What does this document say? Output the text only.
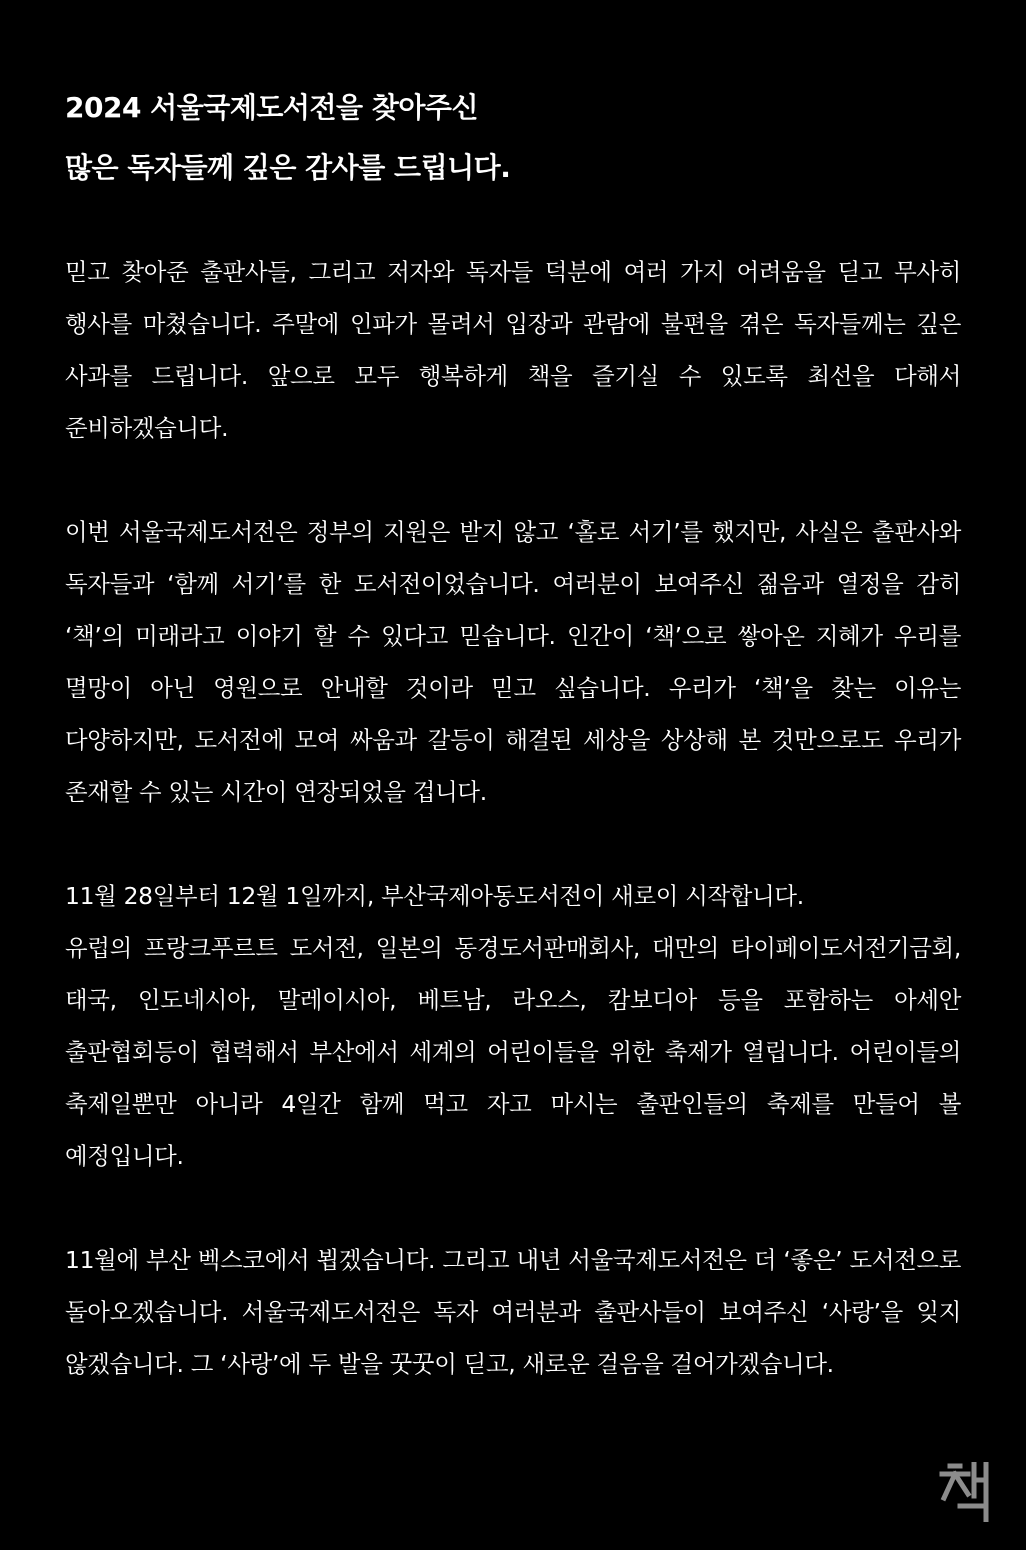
2024 서울국제도서전을 찾아주신
많은 독자들께 깊은 감사를 드립니다.

믿고 찾아준 출판사들, 그리고 저자와 독자들 덕분에 여러 가지 어려움을 딛고 무사히 행사를 마쳤습니다. 주말에 인파가 몰려서 입장과 관람에 불편을 겪은 독자들께는 깊은 사과를 드립니다. 앞으로 모두 행복하게 책을 즐기실 수 있도록 최선을 다해서 준비하겠습니다.

이번 서울국제도서전은 정부의 지원은 받지 않고 ‘홀로 서기’를 했지만, 사실은 출판사와 독자들과 ‘함께 서기’를 한 도서전이었습니다. 여러분이 보여주신 젊음과 열정을 감히 ‘책’의 미래라고 이야기 할 수 있다고 믿습니다. 인간이 ‘책’으로 쌓아온 지혜가 우리를 멸망이 아닌 영원으로 안내할 것이라 믿고 싶습니다. 우리가 ‘책’을 찾는 이유는 다양하지만, 도서전에 모여 싸움과 갈등이 해결된 세상을 상상해 본 것만으로도 우리가 존재할 수 있는 시간이 연장되었을 겁니다.

11월 28일부터 12월 1일까지, 부산국제아동도서전이 새로이 시작합니다.
유럽의 프랑크푸르트 도서전, 일본의 동경도서판매회사, 대만의 타이페이도서전기금회, 태국, 인도네시아, 말레이시아, 베트남, 라오스, 캄보디아 등을 포함하는 아세안 출판협회등이 협력해서 부산에서 세계의 어린이들을 위한 축제가 열립니다. 어린이들의 축제일뿐만 아니라 4일간 함께 먹고 자고 마시는 출판인들의 축제를 만들어 볼 예정입니다.

11월에 부산 벡스코에서 뵙겠습니다. 그리고 내년 서울국제도서전은 더 ‘좋은’ 도서전으로 돌아오겠습니다. 서울국제도서전은 독자 여러분과 출판사들이 보여주신 ‘사랑’을 잊지 않겠습니다. 그 ‘사랑’에 두 발을 꿋꿋이 딛고, 새로운 걸음을 걸어가겠습니다.
